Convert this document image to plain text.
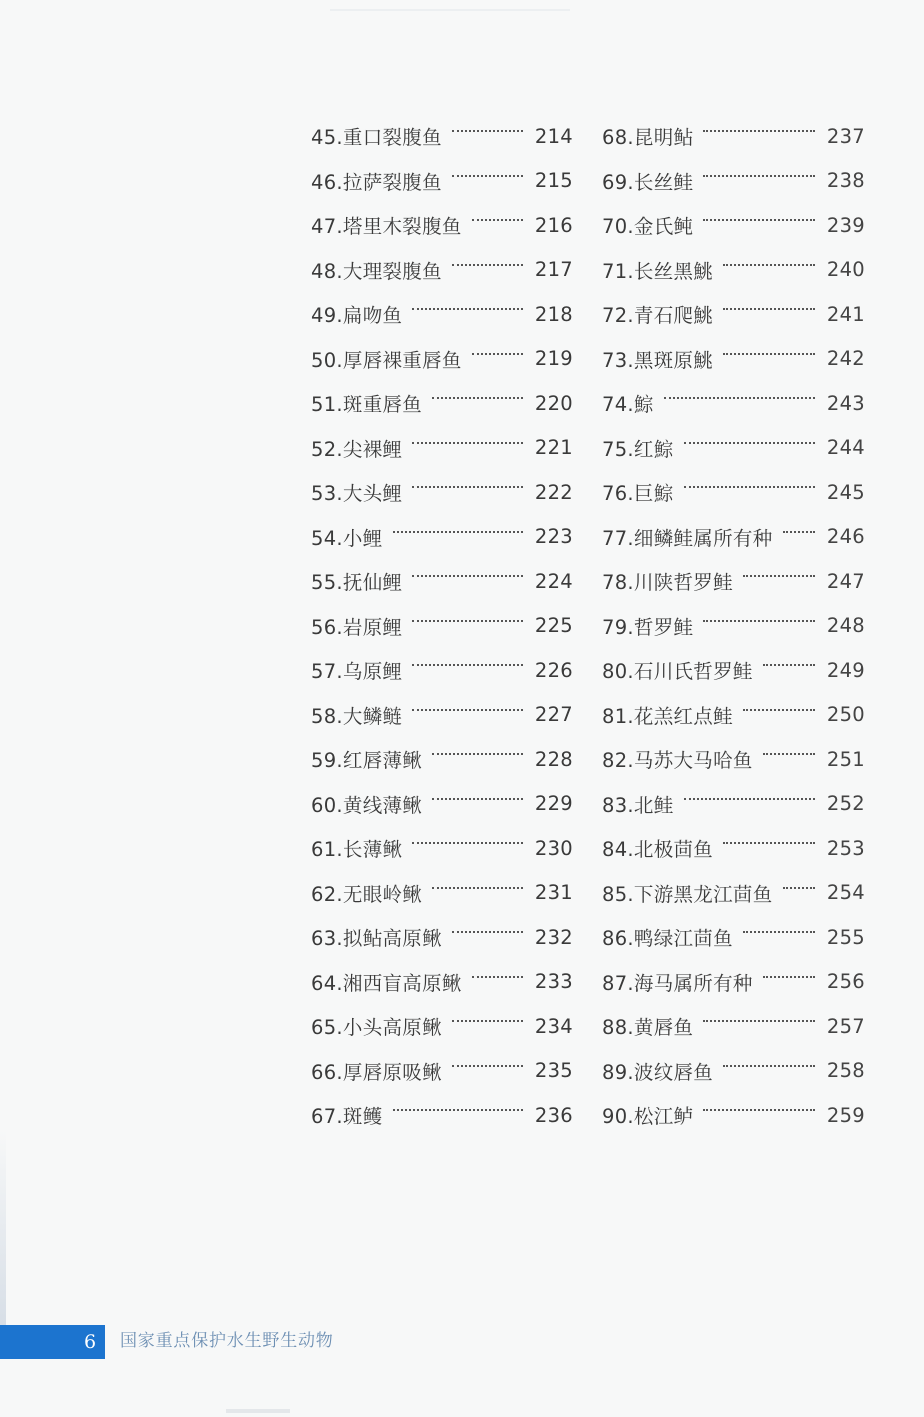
45.重口裂腹鱼	214
46.拉萨裂腹鱼	215
47.塔里木裂腹鱼	216
48.大理裂腹鱼	217
49.扁吻鱼	218
50.厚唇裸重唇鱼	219
51.斑重唇鱼	220
52.尖裸鲤	221
53.大头鲤	222
54.小鲤	223
55.抚仙鲤	224
56.岩原鲤	225
57.乌原鲤	226
58.大鳞鲢	227
59.红唇薄鳅	228
60.黄线薄鳅	229
61.长薄鳅	230
62.无眼岭鳅	231
63.拟鲇高原鳅	232
64.湘西盲高原鳅	233
65.小头高原鳅	234
66.厚唇原吸鳅	235
67.斑鳠	236
68.昆明鲇	237
69.长丝鲑	238
70.金氏鲀	239
71.长丝黑鮡	240
72.青石爬鮡	241
73.黑斑原鮡	242
74.鯮	243
75.红鯮	244
76.巨鯮	245
77.细鳞鲑属所有种	246
78.川陕哲罗鲑	247
79.哲罗鲑	248
80.石川氏哲罗鲑	249
81.花羔红点鲑	250
82.马苏大马哈鱼	251
83.北鲑	252
84.北极茴鱼	253
85.下游黑龙江茴鱼	254
86.鸭绿江茴鱼	255
87.海马属所有种	256
88.黄唇鱼	257
89.波纹唇鱼	258
90.松江鲈	259
6 国家重点保护水生野生动物
